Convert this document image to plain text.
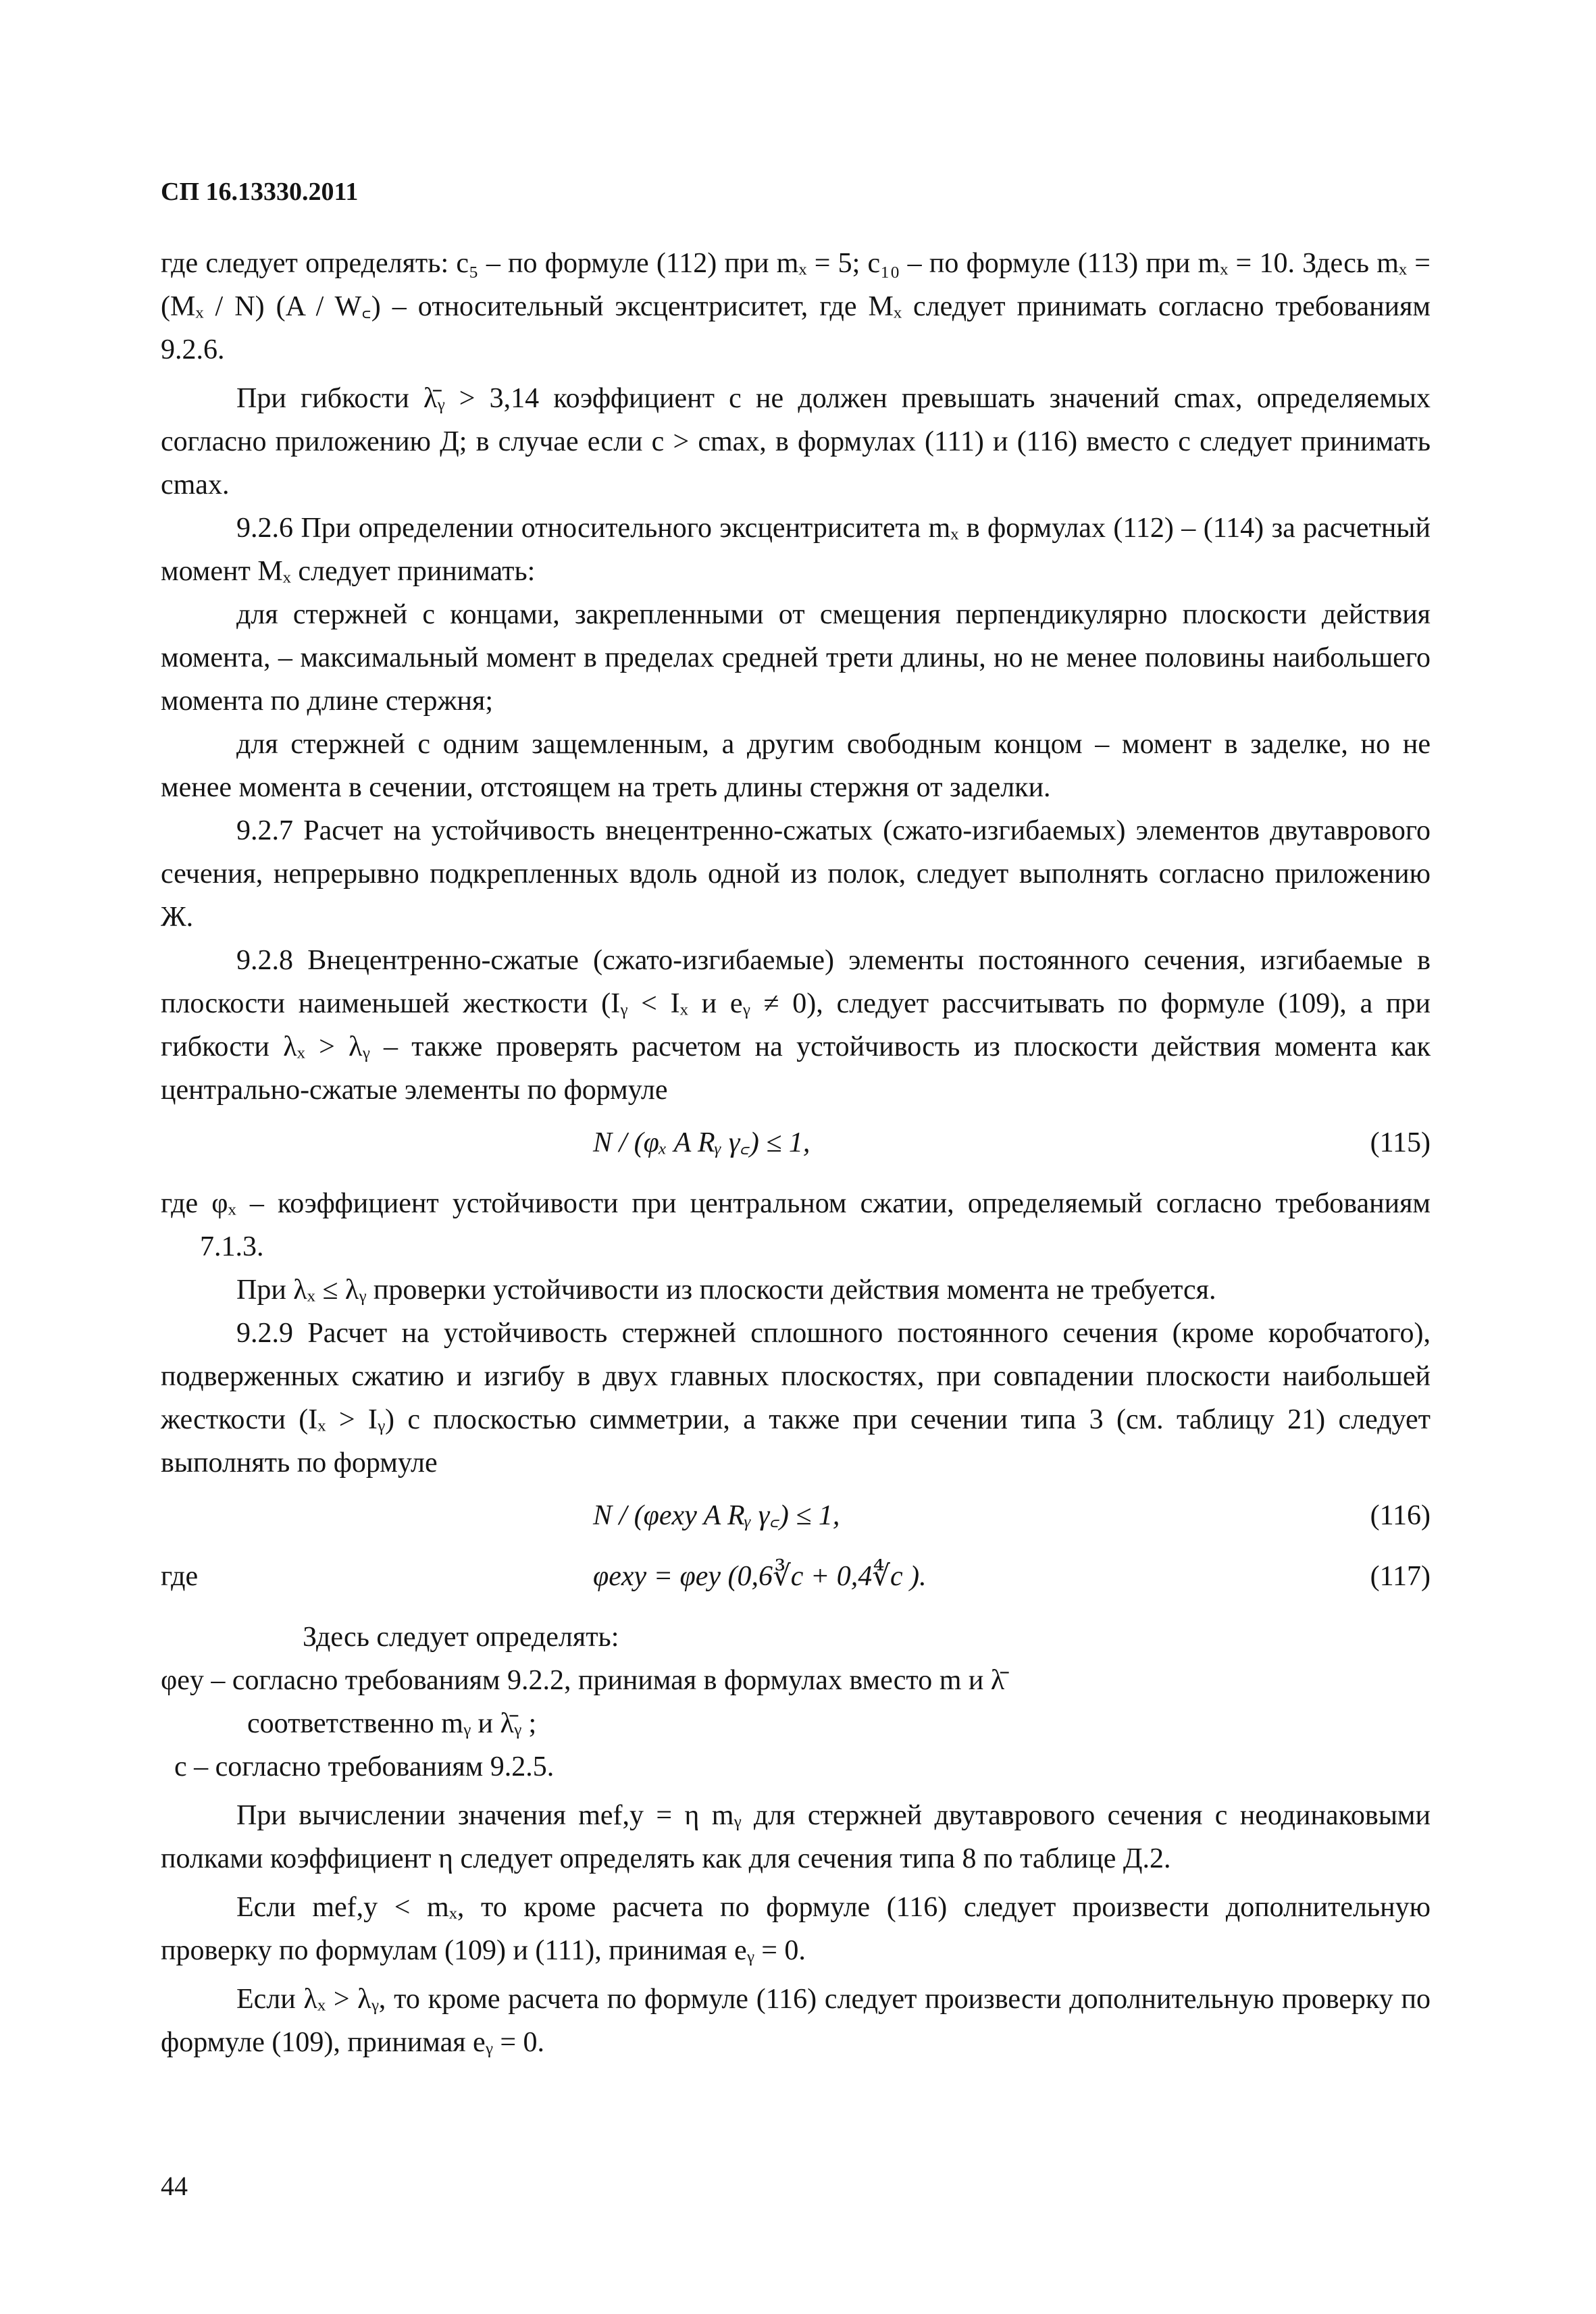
СП 16.13330.2011

где следует определять: c₅ – по формуле (112) при mₓ = 5; c₁₀ – по формуле (113) при mₓ = 10. Здесь mₓ = (Mₓ / N) (A / W꜀) – относительный эксцентриситет, где Mₓ следует принимать согласно требованиям 9.2.6.

При гибкости λ̄ᵧ > 3,14 коэффициент c не должен превышать значений cmax, определяемых согласно приложению Д; в случае если c > cmax, в формулах (111) и (116) вместо c следует принимать cmax.

9.2.6 При определении относительного эксцентриситета mₓ в формулах (112) – (114) за расчетный момент Mₓ следует принимать:

для стержней с концами, закрепленными от смещения перпендикулярно плоскости действия момента, – максимальный момент в пределах средней трети длины, но не менее половины наибольшего момента по длине стержня;

для стержней с одним защемленным, а другим свободным концом – момент в заделке, но не менее момента в сечении, отстоящем на треть длины стержня от заделки.

9.2.7 Расчет на устойчивость внецентренно-сжатых (сжато-изгибаемых) элементов двутаврового сечения, непрерывно подкрепленных вдоль одной из полок, следует выполнять согласно приложению Ж.

9.2.8 Внецентренно-сжатые (сжато-изгибаемые) элементы постоянного сечения, изгибаемые в плоскости наименьшей жесткости (Iᵧ < Iₓ и eᵧ ≠ 0), следует рассчитывать по формуле (109), а при гибкости λₓ > λᵧ – также проверять расчетом на устойчивость из плоскости действия момента как центрально-сжатые элементы по формуле

N / (φₓ A Rᵧ γ꜀) ≤ 1,	(115)

где φₓ – коэффициент устойчивости при центральном сжатии, определяемый согласно требованиям 7.1.3.

При λₓ ≤ λᵧ проверки устойчивости из плоскости действия момента не требуется.

9.2.9 Расчет на устойчивость стержней сплошного постоянного сечения (кроме коробчатого), подверженных сжатию и изгибу в двух главных плоскостях, при совпадении плоскости наибольшей жесткости (Iₓ > Iᵧ) с плоскостью симметрии, а также при сечении типа 3 (см. таблицу 21) следует выполнять по формуле

N / (φexy A Rᵧ γ꜀) ≤ 1,	(116)
где	φexy = φey (0,6∛c + 0,4∜c ).	(117)

Здесь следует определять:

φey – согласно требованиям 9.2.2, принимая в формулах вместо m и λ̄

соответственно mᵧ и λ̄ᵧ ;

c – согласно требованиям 9.2.5.

При вычислении значения mef,y = η mᵧ для стержней двутаврового сечения с неодинаковыми полками коэффициент η следует определять как для сечения типа 8 по таблице Д.2.

Если mef,y < mₓ, то кроме расчета по формуле (116) следует произвести дополнительную проверку по формулам (109) и (111), принимая eᵧ = 0.

Если λₓ > λᵧ, то кроме расчета по формуле (116) следует произвести дополнительную проверку по формуле (109), принимая eᵧ = 0.

44
